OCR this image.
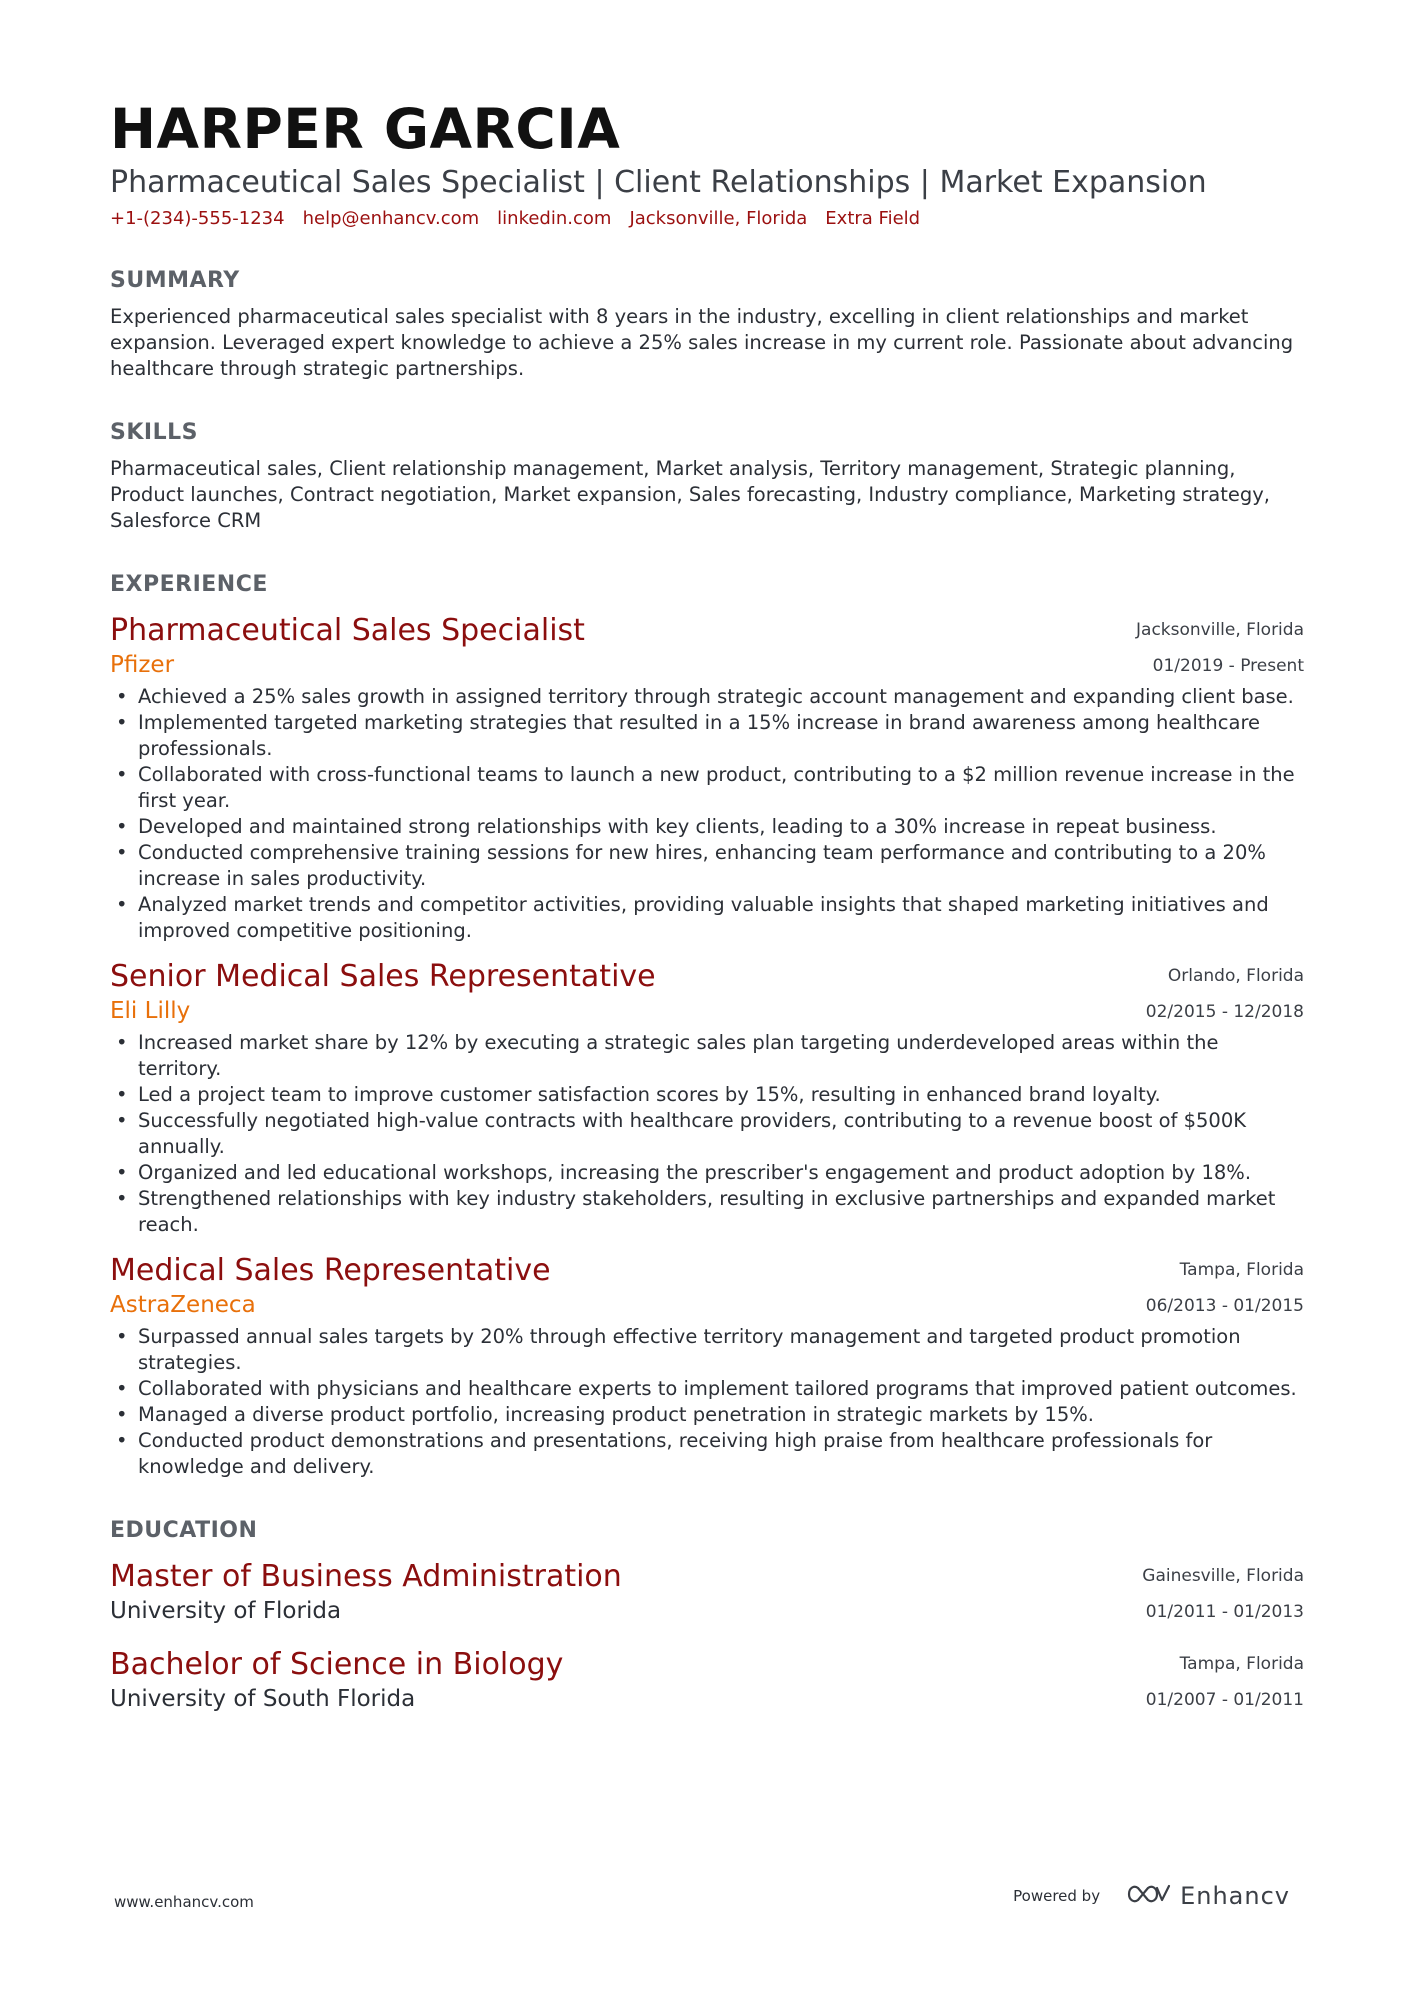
HARPER GARCIA
Pharmaceutical Sales Specialist | Client Relationships | Market Expansion
+1-(234)-555-1234 help@enhancv.com linkedin.com Jacksonville, Florida Extra Field
SUMMARY

Experienced pharmaceutical sales specialist with 8 years in the industry, excelling in client relationships and market expansion. Leveraged expert knowledge to achieve a 25% sales increase in my current role. Passionate about advancing healthcare through strategic partnerships.

SKILLS

Pharmaceutical sales, Client relationship management, Market analysis, Territory management, Strategic planning, Product launches, Contract negotiation, Market expansion, Sales forecasting, Industry compliance, Marketing strategy, Salesforce CRM

EXPERIENCE
Pharmaceutical Sales Specialist
Pfizer
Jacksonville, Florida
01/2019 - Present
• Achieved a 25% sales growth in assigned territory through strategic account management and expanding client base.
• Implemented targeted marketing strategies that resulted in a 15% increase in brand awareness among healthcare professionals.
• Collaborated with cross-functional teams to launch a new product, contributing to a $2 million revenue increase in the first year.
• Developed and maintained strong relationships with key clients, leading to a 30% increase in repeat business.
• Conducted comprehensive training sessions for new hires, enhancing team performance and contributing to a 20% increase in sales productivity.
• Analyzed market trends and competitor activities, providing valuable insights that shaped marketing initiatives and improved competitive positioning.
Senior Medical Sales Representative
Eli Lilly
Orlando, Florida
02/2015 - 12/2018
• Increased market share by 12% by executing a strategic sales plan targeting underdeveloped areas within the territory.
• Led a project team to improve customer satisfaction scores by 15%, resulting in enhanced brand loyalty.
• Successfully negotiated high-value contracts with healthcare providers, contributing to a revenue boost of $500K annually.
• Organized and led educational workshops, increasing the prescriber's engagement and product adoption by 18%.
• Strengthened relationships with key industry stakeholders, resulting in exclusive partnerships and expanded market reach.
Medical Sales Representative
AstraZeneca
Tampa, Florida
06/2013 - 01/2015
• Surpassed annual sales targets by 20% through effective territory management and targeted product promotion strategies.
• Collaborated with physicians and healthcare experts to implement tailored programs that improved patient outcomes.
• Managed a diverse product portfolio, increasing product penetration in strategic markets by 15%.
• Conducted product demonstrations and presentations, receiving high praise from healthcare professionals for knowledge and delivery.
EDUCATION
Master of Business Administration
University of Florida
Gainesville, Florida
01/2011 - 01/2013
Bachelor of Science in Biology
University of South Florida
Tampa, Florida
01/2007 - 01/2011
www.enhancv.com	Powered by	Enhancv
